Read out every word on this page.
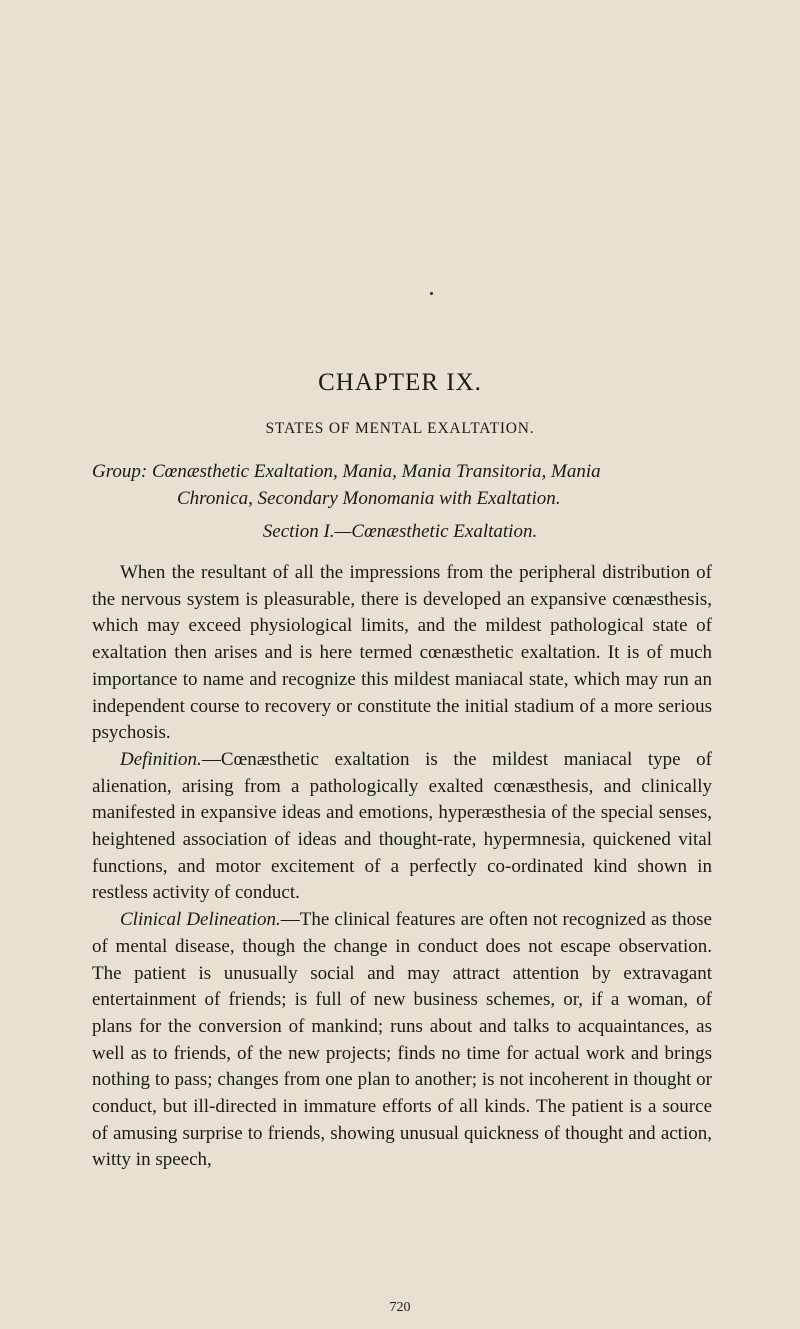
CHAPTER IX.
STATES OF MENTAL EXALTATION.
Group: Cœnæsthetic Exaltation, Mania, Mania Transitoria, Mania
Chronica, Secondary Monomania with Exaltation.
Section I.—Cœnæsthetic Exaltation.

When the resultant of all the impressions from the peripheral distribution of the nervous system is pleasurable, there is developed an expansive cœnæsthesis, which may exceed physiological limits, and the mildest pathological state of exaltation then arises and is here termed cœnæsthetic exaltation. It is of much importance to name and recognize this mildest maniacal state, which may run an independent course to recovery or constitute the initial stadium of a more serious psychosis.

Definition.—Cœnæsthetic exaltation is the mildest maniacal type of alienation, arising from a pathologically exalted cœnæsthesis, and clinically manifested in expansive ideas and emotions, hyperæsthesia of the special senses, heightened association of ideas and thought-rate, hypermnesia, quickened vital functions, and motor excitement of a perfectly co-ordinated kind shown in restless activity of conduct.

Clinical Delineation.—The clinical features are often not recognized as those of mental disease, though the change in conduct does not escape observation. The patient is unusually social and may attract attention by extravagant entertainment of friends; is full of new business schemes, or, if a woman, of plans for the conversion of mankind; runs about and talks to acquaintances, as well as to friends, of the new projects; finds no time for actual work and brings nothing to pass; changes from one plan to another; is not incoherent in thought or conduct, but ill-directed in immature efforts of all kinds. The patient is a source of amusing surprise to friends, showing unusual quickness of thought and action, witty in speech,

720
